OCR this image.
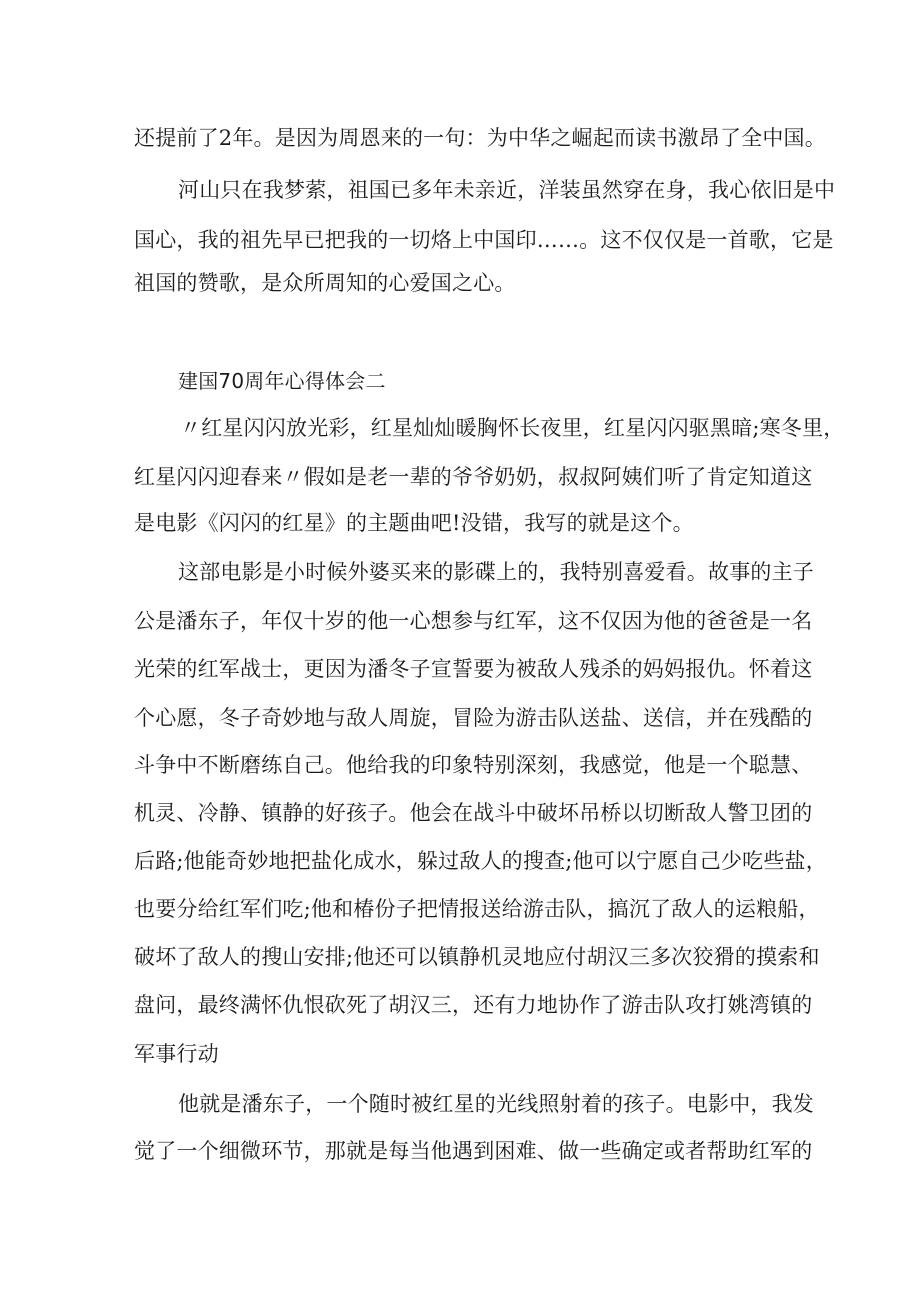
还提前了2年。是因为周恩来的一句：为中华之崛起而读书激昂了全中国。
河山只在我梦萦，祖国已多年未亲近，洋装虽然穿在身，我心依旧是中
国心，我的祖先早已把我的一切烙上中国印……。这不仅仅是一首歌，它是
祖国的赞歌，是众所周知的心爱国之心。
建国70周年心得体会二
〃红星闪闪放光彩，红星灿灿暖胸怀长夜里，红星闪闪驱黑暗;寒冬里，
红星闪闪迎春来〃假如是老一辈的爷爷奶奶，叔叔阿姨们听了肯定知道这
是电影《闪闪的红星》的主题曲吧!没错，我写的就是这个。
这部电影是小时候外婆买来的影碟上的，我特别喜爱看。故事的主子
公是潘东子，年仅十岁的他一心想参与红军，这不仅因为他的爸爸是一名
光荣的红军战士，更因为潘冬子宣誓要为被敌人残杀的妈妈报仇。怀着这
个心愿，冬子奇妙地与敌人周旋，冒险为游击队送盐、送信，并在残酷的
斗争中不断磨练自己。他给我的印象特别深刻，我感觉，他是一个聪慧、
机灵、冷静、镇静的好孩子。他会在战斗中破坏吊桥以切断敌人警卫团的
后路;他能奇妙地把盐化成水，躲过敌人的搜查;他可以宁愿自己少吃些盐，
也要分给红军们吃;他和椿份子把情报送给游击队，搞沉了敌人的运粮船，
破坏了敌人的搜山安排;他还可以镇静机灵地应付胡汉三多次狡猾的摸索和
盘问，最终满怀仇恨砍死了胡汉三，还有力地协作了游击队攻打姚湾镇的
军事行动
他就是潘东子，一个随时被红星的光线照射着的孩子。电影中，我发
觉了一个细微环节，那就是每当他遇到困难、做一些确定或者帮助红军的
